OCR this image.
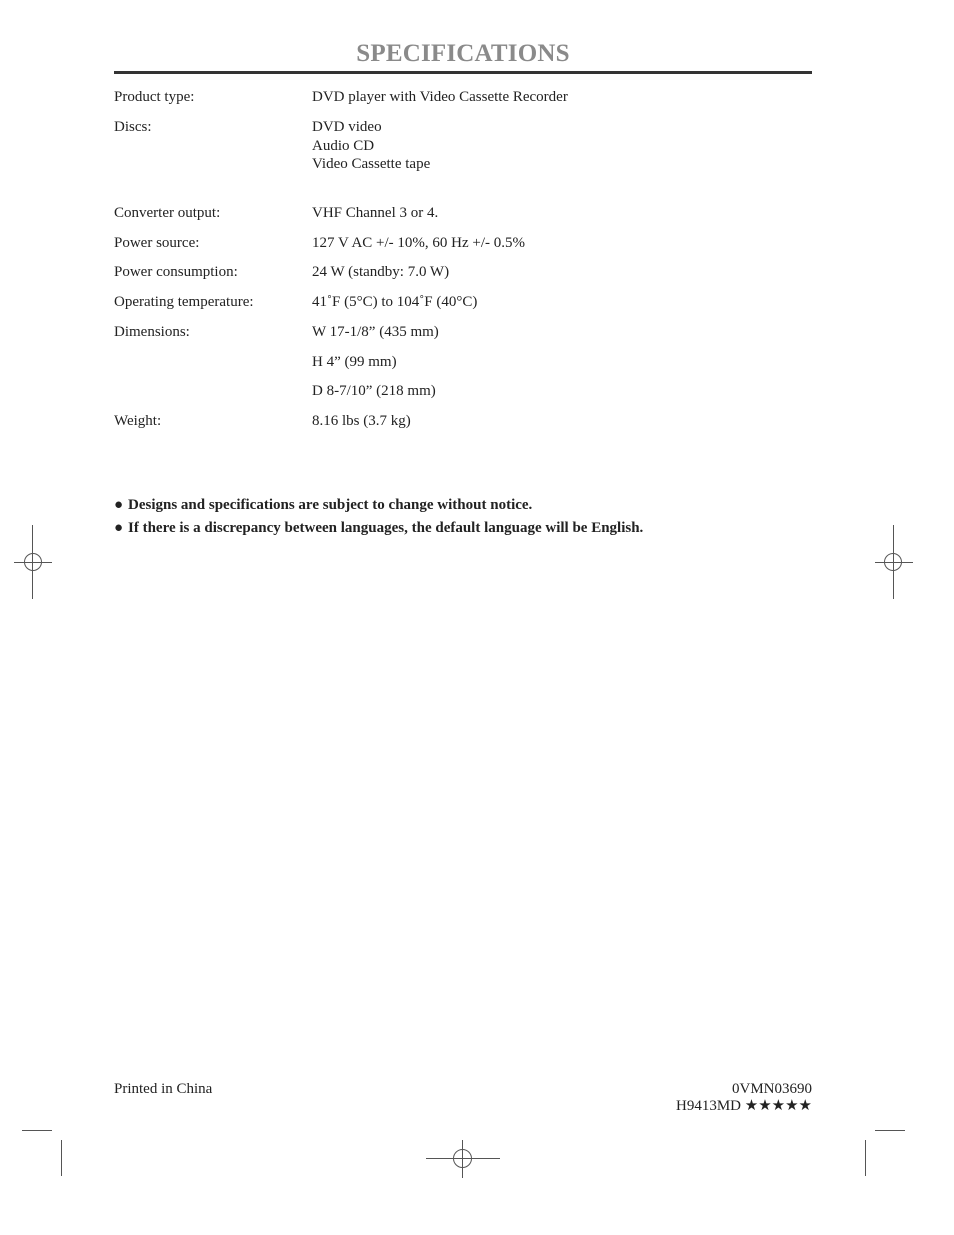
SPECIFICATIONS
Product type:	DVD player with Video Cassette Recorder
Discs:	DVD video
Audio CD
Video Cassette tape
Converter output:	VHF Channel 3 or 4.
Power source:	127 V AC +/- 10%, 60 Hz +/- 0.5%
Power consumption:	24 W (standby: 7.0 W)
Operating temperature:	41˚F (5°C) to 104˚F (40°C)
Dimensions:	W 17-1/8” (435 mm)
H 4” (99 mm)
D 8-7/10” (218 mm)
Weight:	8.16 lbs (3.7 kg)
● Designs and specifications are subject to change without notice.
● If there is a discrepancy between languages, the default language will be English.
Printed in China	0VMN03690
H9413MD ★★★★★
